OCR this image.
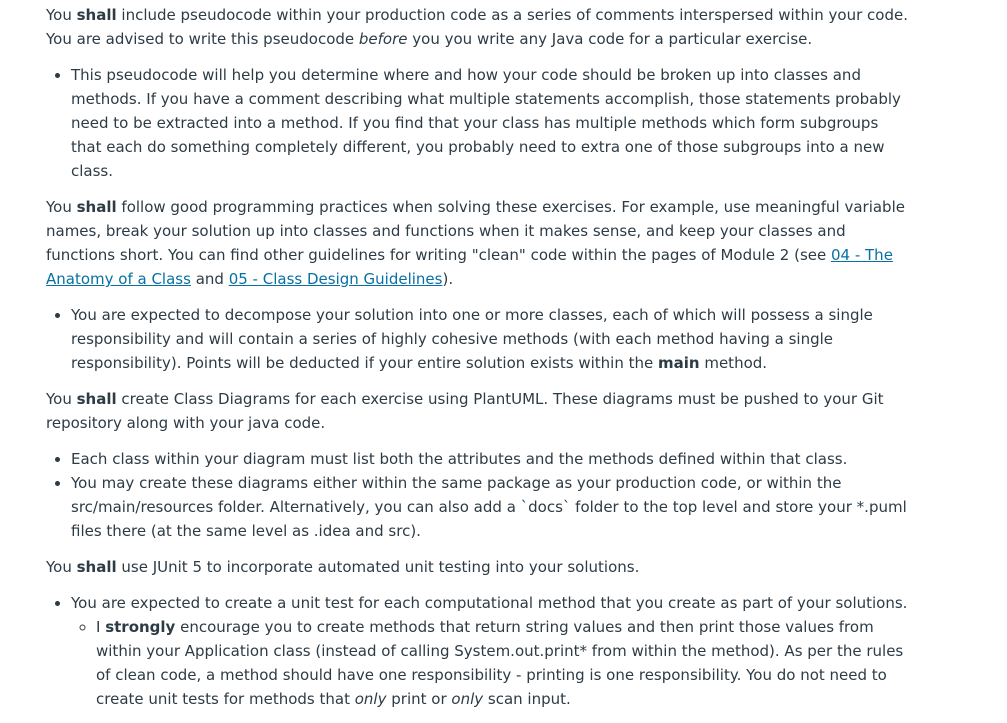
You shall include pseudocode within your production code as a series of comments interspersed within your code. You are advised to write this pseudocode before you you write any Java code for a particular exercise.

• This pseudocode will help you determine where and how your code should be broken up into classes and methods. If you have a comment describing what multiple statements accomplish, those statements probably need to be extracted into a method. If you find that your class has multiple methods which form subgroups that each do something completely different, you probably need to extra one of those subgroups into a new class.

You shall follow good programming practices when solving these exercises. For example, use meaningful variable names, break your solution up into classes and functions when it makes sense, and keep your classes and functions short. You can find other guidelines for writing "clean" code within the pages of Module 2 (see 04 - The Anatomy of a Class and 05 - Class Design Guidelines).

• You are expected to decompose your solution into one or more classes, each of which will possess a single responsibility and will contain a series of highly cohesive methods (with each method having a single responsibility). Points will be deducted if your entire solution exists within the main method.

You shall create Class Diagrams for each exercise using PlantUML. These diagrams must be pushed to your Git repository along with your java code.

• Each class within your diagram must list both the attributes and the methods defined within that class.
• You may create these diagrams either within the same package as your production code, or within the src/main/resources folder. Alternatively, you can also add a `docs` folder to the top level and store your *.puml files there (at the same level as .idea and src).

You shall use JUnit 5 to incorporate automated unit testing into your solutions.

• You are expected to create a unit test for each computational method that you create as part of your solutions.
◦ I strongly encourage you to create methods that return string values and then print those values from within your Application class (instead of calling System.out.print* from within the method). As per the rules of clean code, a method should have one responsibility - printing is one responsibility. You do not need to create unit tests for methods that only print or only scan input.
